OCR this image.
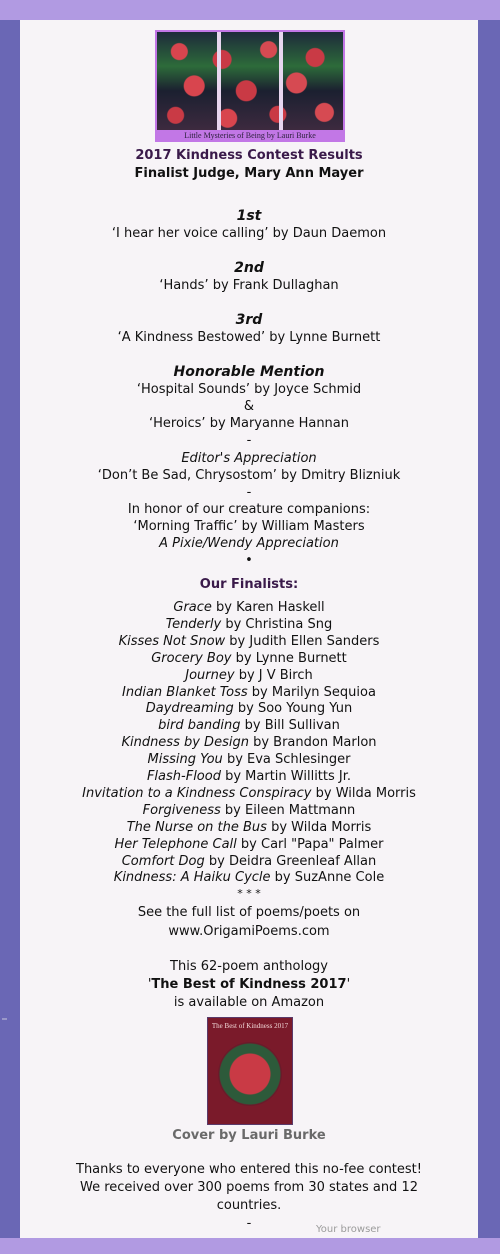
Little Mysteries of Being by Lauri Burke
2017 Kindness Contest Results
Finalist Judge, Mary Ann Mayer
1st
‘I hear her voice calling’ by Daun Daemon
2nd
‘Hands’ by Frank Dullaghan
3rd
‘A Kindness Bestowed’ by Lynne Burnett
Honorable Mention
‘Hospital Sounds’ by Joyce Schmid
&
‘Heroics’ by Maryanne Hannan
-
Editor's Appreciation
‘Don’t Be Sad, Chrysostom’ by Dmitry Blizniuk
-
In honor of our creature companions:
‘Morning Traffic’ by William Masters
A Pixie/Wendy Appreciation
•
Our Finalists:
Grace by Karen Haskell
Tenderly by Christina Sng
Kisses Not Snow by Judith Ellen Sanders
Grocery Boy by Lynne Burnett
Journey by J V Birch
Indian Blanket Toss by Marilyn Sequioa
Daydreaming by Soo Young Yun
bird banding by Bill Sullivan
Kindness by Design by Brandon Marlon
Missing You by Eva Schlesinger
Flash-Flood by Martin Willitts Jr.
Invitation to a Kindness Conspiracy by Wilda Morris
Forgiveness by Eileen Mattmann
The Nurse on the Bus by Wilda Morris
Her Telephone Call by Carl "Papa" Palmer
Comfort Dog by Deidra Greenleaf Allan
Kindness: A Haiku Cycle by SuzAnne Cole
* * *
See the full list of poems/poets on
www.OrigamiPoems.com
This 62-poem anthology
'The Best of Kindness 2017'
is available on Amazon
The Best of Kindness 2017
Cover by Lauri Burke
Thanks to everyone who entered this no-fee contest!
We received over 300 poems from 30 states and 12
countries.
-	Your browser
